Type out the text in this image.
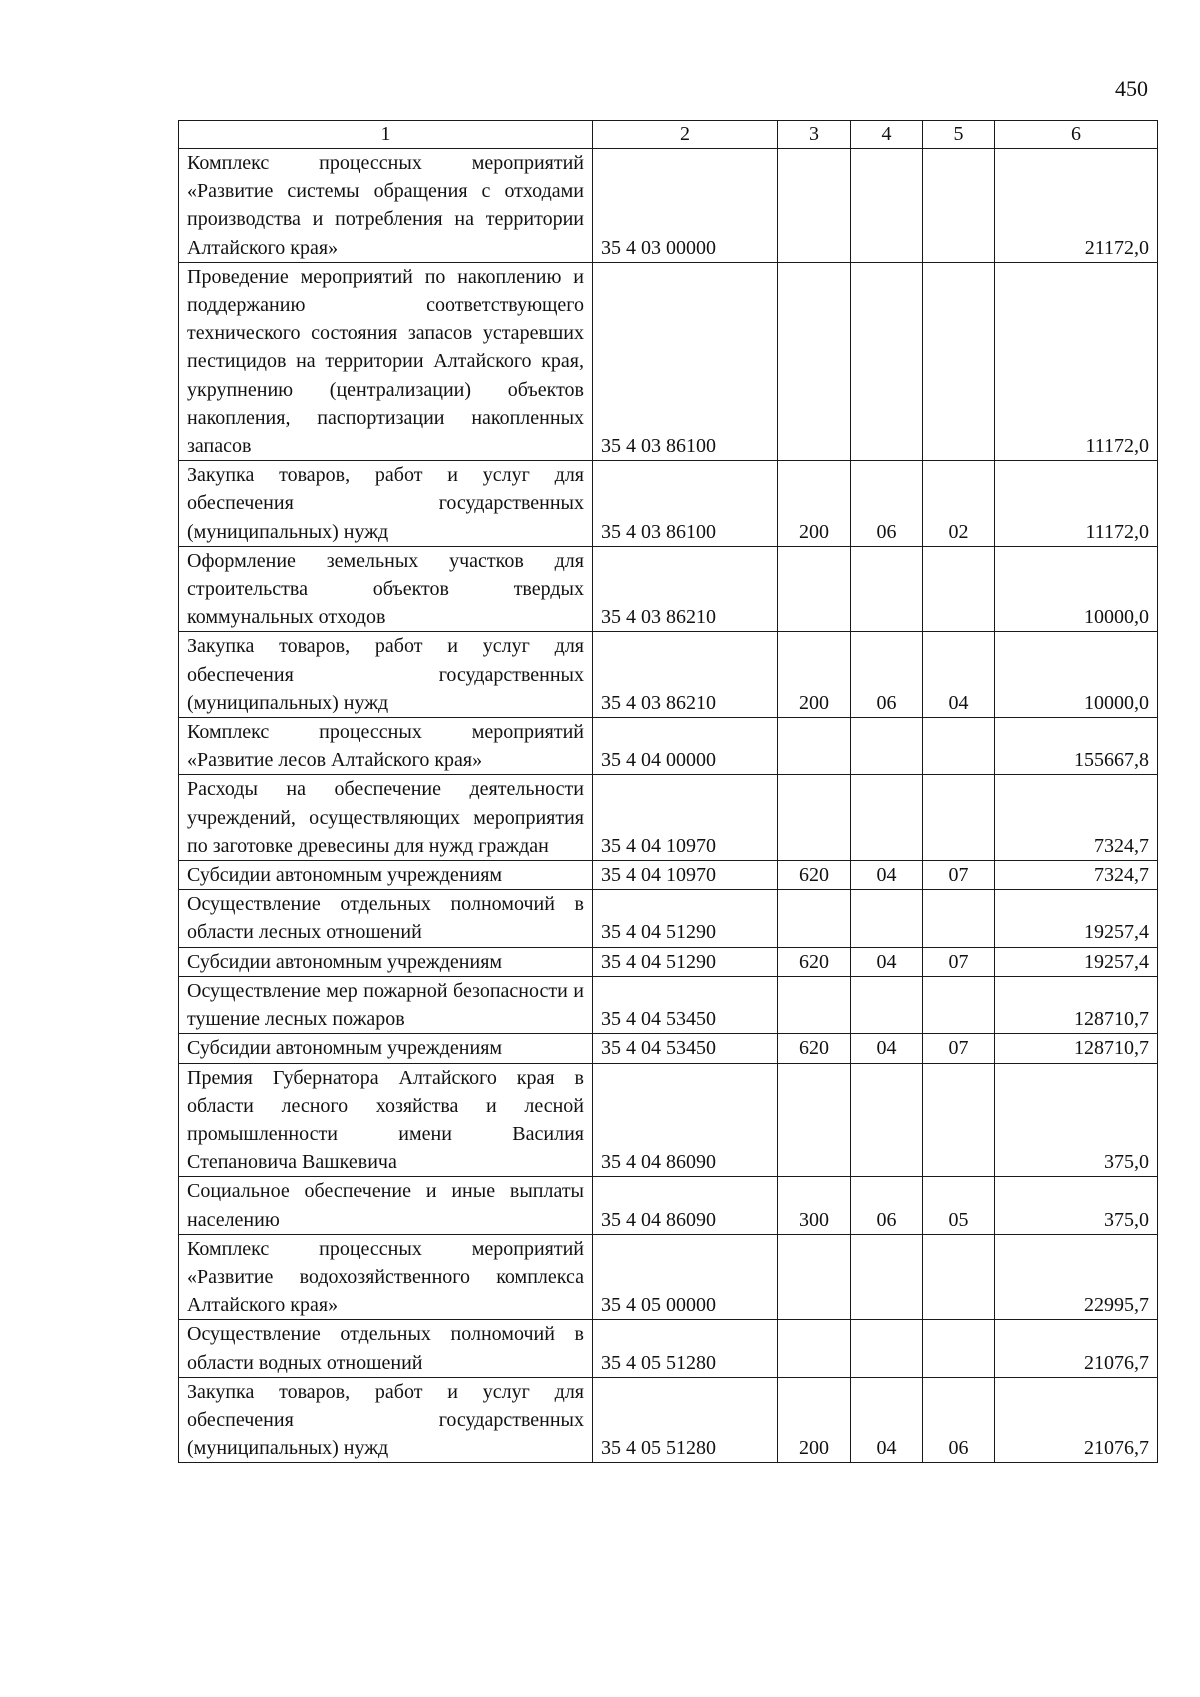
450
1	2	3	4	5	6
Комплекс процессных мероприятий «Развитие системы обращения с отходами производства и потребления на территории Алтайского края»	35 4 03 00000				21172,0
Проведение мероприятий по накоплению и поддержанию соответствующего технического состояния запасов устаревших пестицидов на территории Алтайского края, укрупнению (централизации) объектов накопления, паспортизации накопленных запасов	35 4 03 86100				11172,0
Закупка товаров, работ и услуг для обеспечения государственных (муниципальных) нужд	35 4 03 86100	200	06	02	11172,0
Оформление земельных участков для строительства объектов твердых коммунальных отходов	35 4 03 86210				10000,0
Закупка товаров, работ и услуг для обеспечения государственных (муниципальных) нужд	35 4 03 86210	200	06	04	10000,0
Комплекс процессных мероприятий «Развитие лесов Алтайского края»	35 4 04 00000				155667,8
Расходы на обеспечение деятельности учреждений, осуществляющих мероприятия по заготовке древесины для нужд граждан	35 4 04 10970				7324,7
Субсидии автономным учреждениям	35 4 04 10970	620	04	07	7324,7
Осуществление отдельных полномочий в области лесных отношений	35 4 04 51290				19257,4
Субсидии автономным учреждениям	35 4 04 51290	620	04	07	19257,4
Осуществление мер пожарной безопасности и тушение лесных пожаров	35 4 04 53450				128710,7
Субсидии автономным учреждениям	35 4 04 53450	620	04	07	128710,7
Премия Губернатора Алтайского края в области лесного хозяйства и лесной промышленности имени Василия Степановича Вашкевича	35 4 04 86090				375,0
Социальное обеспечение и иные выплаты населению	35 4 04 86090	300	06	05	375,0
Комплекс процессных мероприятий «Развитие водохозяйственного комплекса Алтайского края»	35 4 05 00000				22995,7
Осуществление отдельных полномочий в области водных отношений	35 4 05 51280				21076,7
Закупка товаров, работ и услуг для обеспечения государственных (муниципальных) нужд	35 4 05 51280	200	04	06	21076,7
